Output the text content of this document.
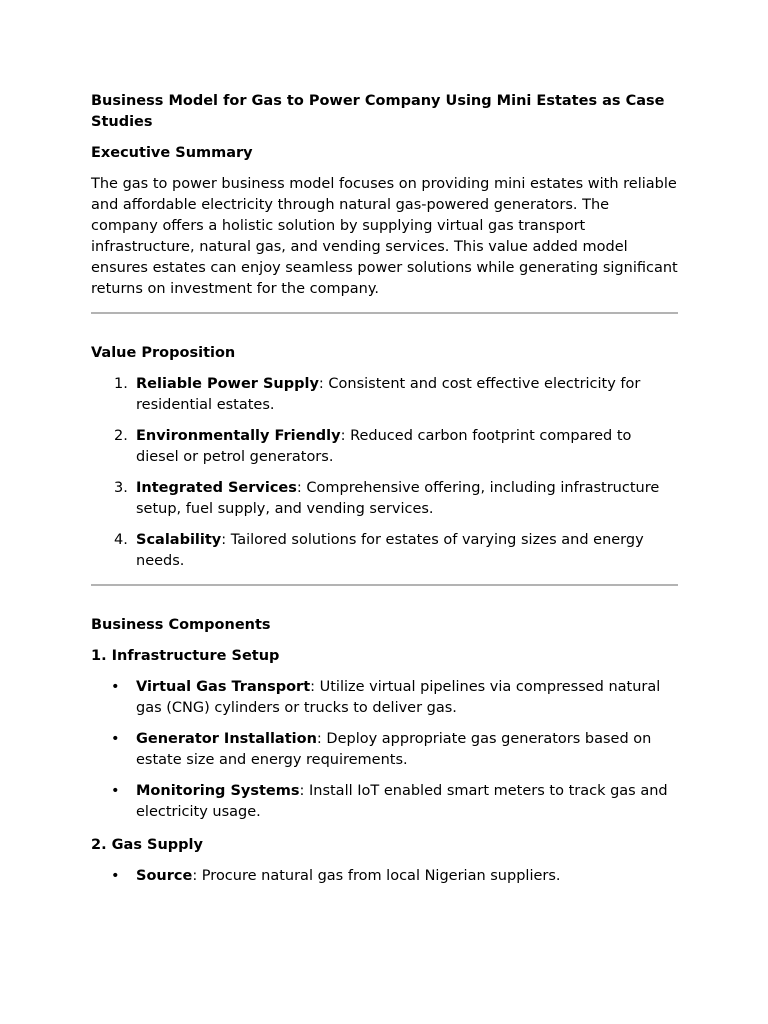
Business Model for Gas to Power Company Using Mini Estates as Case Studies
Executive Summary

The gas to power business model focuses on providing mini estates with reliable and affordable electricity through natural gas-powered generators. The company offers a holistic solution by supplying virtual gas transport infrastructure, natural gas, and vending services. This value added model ensures estates can enjoy seamless power solutions while generating significant returns on investment for the company.

Value Proposition
1. Reliable Power Supply: Consistent and cost effective electricity for residential estates.
2. Environmentally Friendly: Reduced carbon footprint compared to diesel or petrol generators.
3. Integrated Services: Comprehensive offering, including infrastructure setup, fuel supply, and vending services.
4. Scalability: Tailored solutions for estates of varying sizes and energy needs.
Business Components
1. Infrastructure Setup
• Virtual Gas Transport: Utilize virtual pipelines via compressed natural gas (CNG) cylinders or trucks to deliver gas.
• Generator Installation: Deploy appropriate gas generators based on estate size and energy requirements.
• Monitoring Systems: Install IoT enabled smart meters to track gas and electricity usage.
2. Gas Supply
• Source: Procure natural gas from local Nigerian suppliers.
